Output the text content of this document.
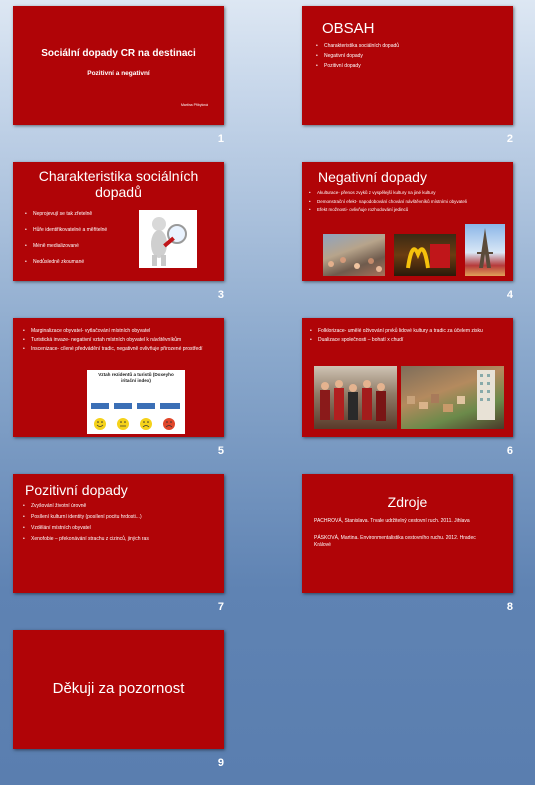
Sociální dopady CR na destinaci
Pozitivní a negativní
Martina Přibylová
1
OBSAH
• Charakteristika sociálních dopadů
• Negativní dopady
• Pozitivní dopady
2
Charakteristika sociálních dopadů
• Neprojevují se tak zřetelně
• Hůře identifikovatelné a měřitelné
• Méně medializované
• Nedůsledně zkoumané
3
Negativní dopady
• Akulturace- přenos zvyků z vyspělejší kultury na jiné kultury
• Demonstrační efekt- napodobování chování návštěvníků místními obyvateli
• Efekt možnosti- ovlivňuje rozhodování jedinců
4
• Marginalizace obyvatel- vytlačování místních obyvatel
• Turistická invaze- negativní vztah místních obyvatel k návštěvníkům
• Inscenizace- cílené předvádění tradic, negativně ovlivňuje přirozené prostředí
Vztah rezidentů a turistů (Doxeyho iritační index)
5
• Folklorizace- umělé oživování prvků lidové kultury a tradic za účelem zisku
• Dualizace společnosti – bohatí x chudí
6
Pozitivní dopady
• Zvyšování životní úrovně
• Posílení kulturní identity (posílení pocitu hrdosti...)
• Vzdělání místních obyvatel
• Xenofobie – překonávání strachu z cizinců, jiných ras
7
Zdroje
PACHROVÁ, Stanislava. Trvale udržitelný cestovní ruch. 2011. Jihlava
PÁSKOVÁ, Martina. Environmentalistika cestovního ruchu. 2012. Hradec Králové
8
Děkuji za pozornost
9
